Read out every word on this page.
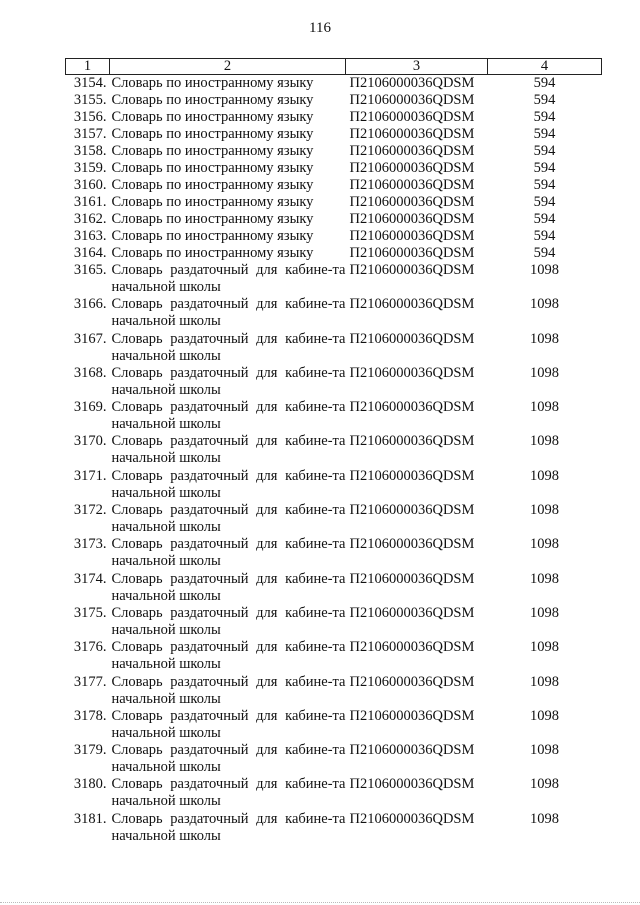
116
1	2	3	4
3154.	Словарь по иностранному языку	П2106000036QDSM	594
3155.	Словарь по иностранному языку	П2106000036QDSM	594
3156.	Словарь по иностранному языку	П2106000036QDSM	594
3157.	Словарь по иностранному языку	П2106000036QDSM	594
3158.	Словарь по иностранному языку	П2106000036QDSM	594
3159.	Словарь по иностранному языку	П2106000036QDSM	594
3160.	Словарь по иностранному языку	П2106000036QDSM	594
3161.	Словарь по иностранному языку	П2106000036QDSM	594
3162.	Словарь по иностранному языку	П2106000036QDSM	594
3163.	Словарь по иностранному языку	П2106000036QDSM	594
3164.	Словарь по иностранному языку	П2106000036QDSM	594
3165.	Словарь раздаточный для кабине-та начальной школы	П2106000036QDSM	1098
3166.	Словарь раздаточный для кабине-та начальной школы	П2106000036QDSM	1098
3167.	Словарь раздаточный для кабине-та начальной школы	П2106000036QDSM	1098
3168.	Словарь раздаточный для кабине-та начальной школы	П2106000036QDSM	1098
3169.	Словарь раздаточный для кабине-та начальной школы	П2106000036QDSM	1098
3170.	Словарь раздаточный для кабине-та начальной школы	П2106000036QDSM	1098
3171.	Словарь раздаточный для кабине-та начальной школы	П2106000036QDSM	1098
3172.	Словарь раздаточный для кабине-та начальной школы	П2106000036QDSM	1098
3173.	Словарь раздаточный для кабине-та начальной школы	П2106000036QDSM	1098
3174.	Словарь раздаточный для кабине-та начальной школы	П2106000036QDSM	1098
3175.	Словарь раздаточный для кабине-та начальной школы	П2106000036QDSM	1098
3176.	Словарь раздаточный для кабине-та начальной школы	П2106000036QDSM	1098
3177.	Словарь раздаточный для кабине-та начальной школы	П2106000036QDSM	1098
3178.	Словарь раздаточный для кабине-та начальной школы	П2106000036QDSM	1098
3179.	Словарь раздаточный для кабине-та начальной школы	П2106000036QDSM	1098
3180.	Словарь раздаточный для кабине-та начальной школы	П2106000036QDSM	1098
3181.	Словарь раздаточный для кабине-та начальной школы	П2106000036QDSM	1098
